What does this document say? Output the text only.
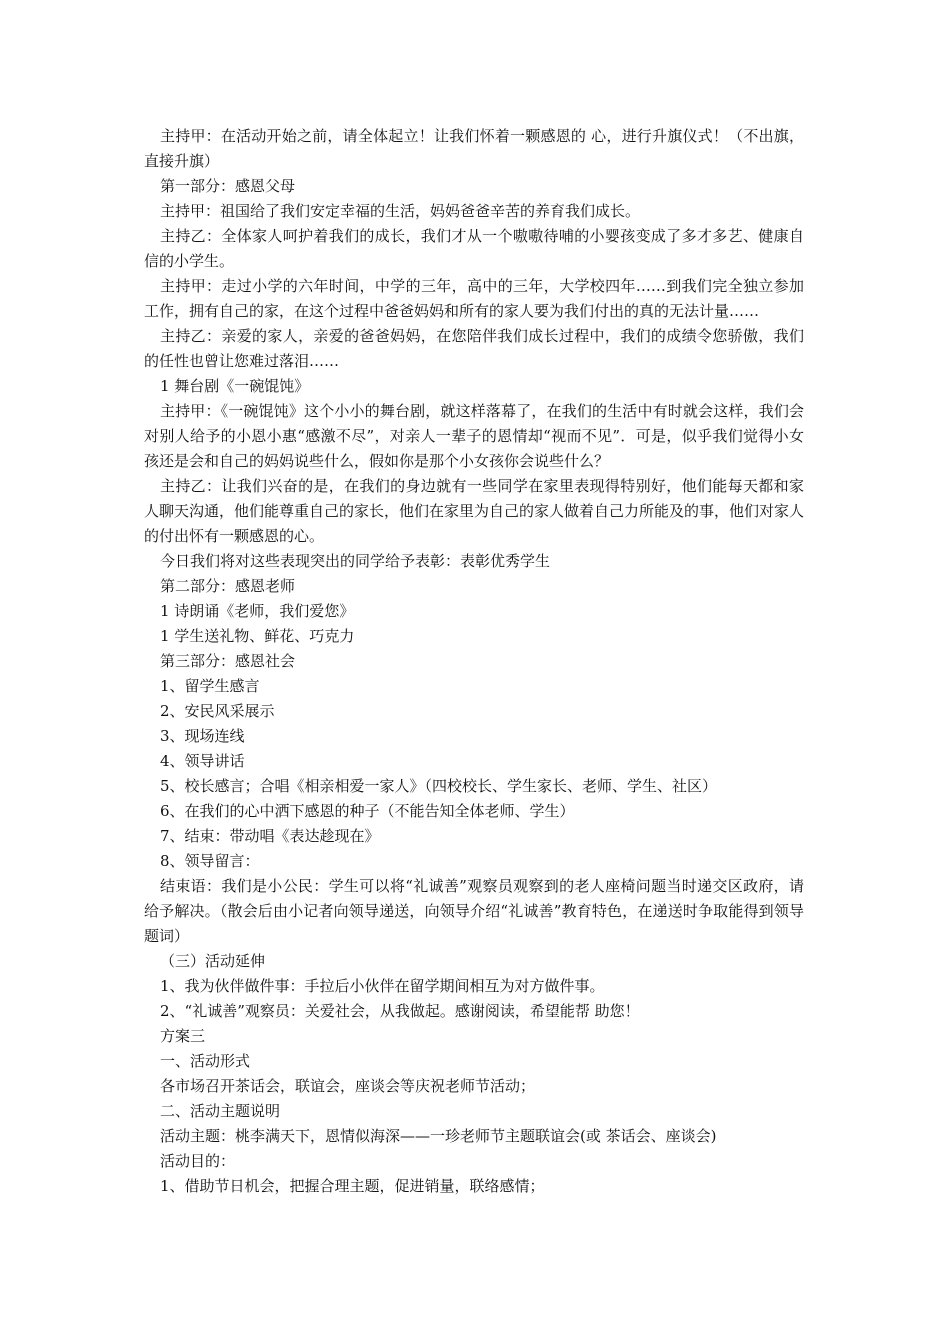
主持甲：在活动开始之前，请全体起立！让我们怀着一颗感恩的 心，进行升旗仪式！（不出旗，直接升旗）

第一部分：感恩父母

主持甲：祖国给了我们安定幸福的生活，妈妈爸爸辛苦的养育我们成长。

主持乙：全体家人呵护着我们的成长，我们才从一个嗷嗷待哺的小婴孩变成了多才多艺、健康自信的小学生。

主持甲：走过小学的六年时间，中学的三年，高中的三年，大学校四年……到我们完全独立参加工作，拥有自己的家，在这个过程中爸爸妈妈和所有的家人要为我们付出的真的无法计量……

主持乙：亲爱的家人，亲爱的爸爸妈妈，在您陪伴我们成长过程中，我们的成绩令您骄傲，我们的任性也曾让您难过落泪……

1 舞台剧《一碗馄饨》

主持甲：《一碗馄饨》这个小小的舞台剧，就这样落幕了，在我们的生活中有时就会这样，我们会对别人给予的小恩小惠“感激不尽”，对亲人一辈子的恩情却“视而不见”．可是，似乎我们觉得小女孩还是会和自己的妈妈说些什么，假如你是那个小女孩你会说些什么？

主持乙：让我们兴奋的是，在我们的身边就有一些同学在家里表现得特别好，他们能每天都和家人聊天沟通，他们能尊重自己的家长，他们在家里为自己的家人做着自己力所能及的事，他们对家人的付出怀有一颗感恩的心。

今日我们将对这些表现突出的同学给予表彰：表彰优秀学生

第二部分：感恩老师

1 诗朗诵《老师，我们爱您》

1 学生送礼物、鲜花、巧克力

第三部分：感恩社会

1、留学生感言

2、安民风采展示

3、现场连线

4、领导讲话

5、校长感言；合唱《相亲相爱一家人》（四校校长、学生家长、老师、学生、社区）

6、在我们的心中洒下感恩的种子（不能告知全体老师、学生）

7、结束：带动唱《表达趁现在》

8、领导留言：

结束语：我们是小公民：学生可以将“礼诚善”观察员观察到的老人座椅问题当时递交区政府，请给予解决。（散会后由小记者向领导递送，向领导介绍“礼诚善”教育特色，在递送时争取能得到领导题词）

（三）活动延伸

1、我为伙伴做件事：手拉后小伙伴在留学期间相互为对方做件事。

2、“礼诚善”观察员：关爱社会，从我做起。感谢阅读，希望能帮 助您！

方案三

一、活动形式

各市场召开茶话会，联谊会，座谈会等庆祝老师节活动；

二、活动主题说明

活动主题：桃李满天下，恩情似海深——一珍老师节主题联谊会(或 茶话会、座谈会)

活动目的：

1、借助节日机会，把握合理主题，促进销量，联络感情；
